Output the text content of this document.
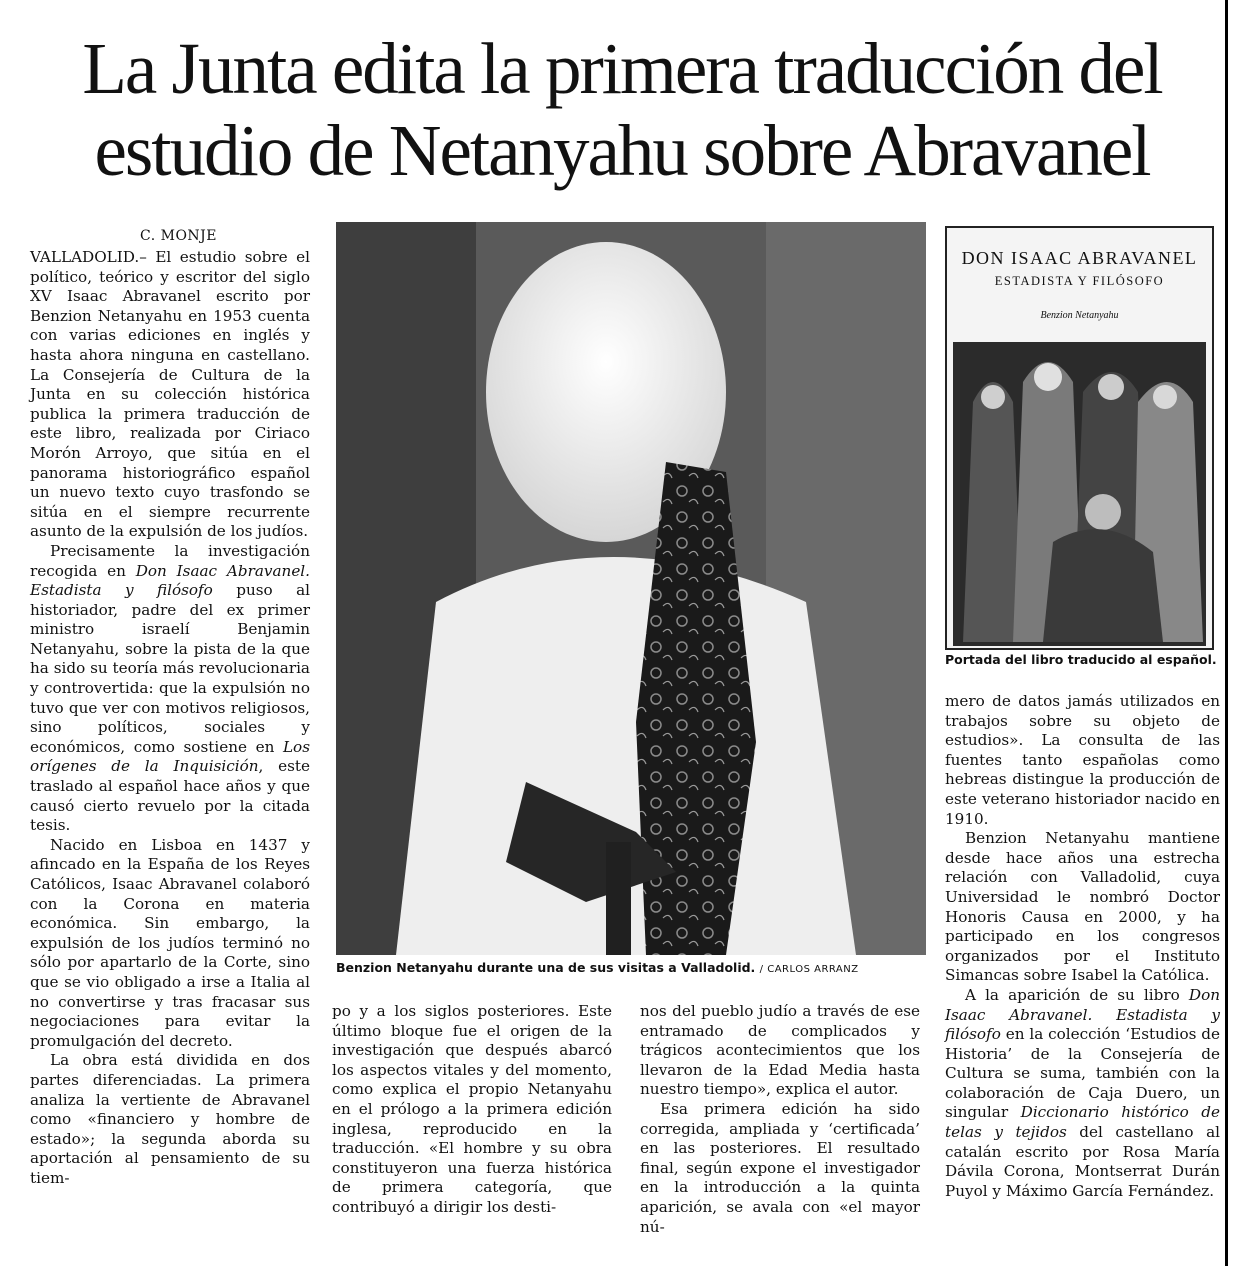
La Junta edita la primera traducción del
estudio de Netanyahu sobre Abravanel
C. MONJE

VALLADOLID.– El estudio sobre el político, teórico y escritor del siglo XV Isaac Abravanel escrito por Benzion Netanyahu en 1953 cuenta con varias ediciones en inglés y hasta ahora ninguna en castellano. La Consejería de Cultura de la Junta en su colección histórica publica la primera traducción de este libro, realizada por Ciriaco Morón Arroyo, que sitúa en el panorama historiográfico español un nuevo texto cuyo trasfondo se sitúa en el siempre recurrente asunto de la expulsión de los judíos.

Precisamente la investigación recogida en Don Isaac Abravanel. Estadista y filósofo puso al historiador, padre del ex primer ministro israelí Benjamin Netanyahu, sobre la pista de la que ha sido su teoría más revolucionaria y controvertida: que la expulsión no tuvo que ver con motivos religiosos, sino políticos, sociales y económicos, como sostiene en Los orígenes de la Inquisición, este traslado al español hace años y que causó cierto revuelo por la citada tesis.

Nacido en Lisboa en 1437 y afincado en la España de los Reyes Católicos, Isaac Abravanel colaboró con la Corona en materia económica. Sin embargo, la expulsión de los judíos terminó no sólo por apartarlo de la Corte, sino que se vio obligado a irse a Italia al no convertirse y tras fracasar sus negociaciones para evitar la promulgación del decreto.

La obra está dividida en dos partes diferenciadas. La primera analiza la vertiente de Abravanel como «financiero y hombre de estado»; la segunda aborda su aportación al pensamiento de su tiem-

Benzion Netanyahu durante una de sus visitas a Valladolid. / CARLOS ARRANZ
DON ISAAC ABRAVANEL
ESTADISTA Y FILÓSOFO
Benzion Netanyahu
Portada del libro traducido al español.

po y a los siglos posteriores. Este último bloque fue el origen de la investigación que después abarcó los aspectos vitales y del momento, como explica el propio Netanyahu en el prólogo a la primera edición inglesa, reproducido en la traducción. «El hombre y su obra constituyeron una fuerza histórica de primera categoría, que contribuyó a dirigir los desti-

nos del pueblo judío a través de ese entramado de complicados y trágicos acontecimientos que los llevaron de la Edad Media hasta nuestro tiempo», explica el autor.

Esa primera edición ha sido corregida, ampliada y ‘certificada’ en las posteriores. El resultado final, según expone el investigador en la introducción a la quinta aparición, se avala con «el mayor nú-

mero de datos jamás utilizados en trabajos sobre su objeto de estudios». La consulta de las fuentes tanto españolas como hebreas distingue la producción de este veterano historiador nacido en 1910.

Benzion Netanyahu mantiene desde hace años una estrecha relación con Valladolid, cuya Universidad le nombró Doctor Honoris Causa en 2000, y ha participado en los congresos organizados por el Instituto Simancas sobre Isabel la Católica.

A la aparición de su libro Don Isaac Abravanel. Estadista y filósofo en la colección ‘Estudios de Historia’ de la Consejería de Cultura se suma, también con la colaboración de Caja Duero, un singular Diccionario histórico de telas y tejidos del castellano al catalán escrito por Rosa María Dávila Corona, Montserrat Durán Puyol y Máximo García Fernández.
